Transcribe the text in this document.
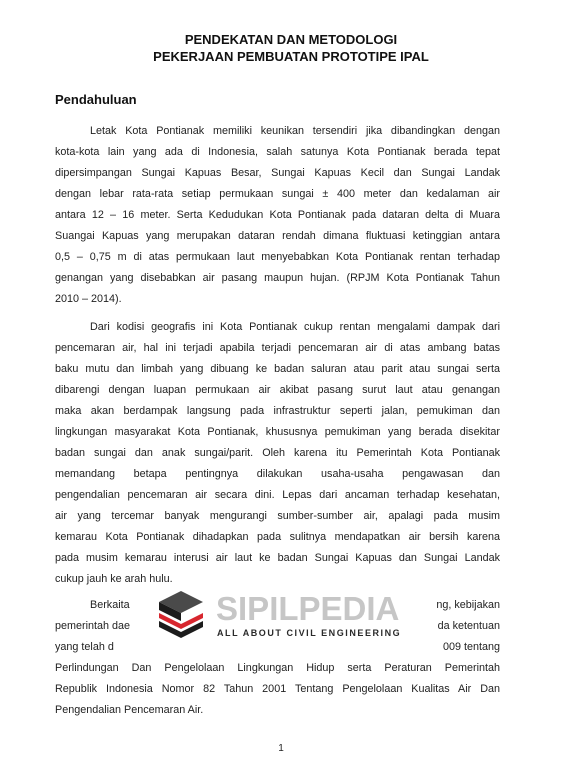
PENDEKATAN DAN METODOLOGI
PEKERJAAN PEMBUATAN PROTOTIPE IPAL
Pendahuluan
Letak Kota Pontianak memiliki keunikan tersendiri jika dibandingkan dengan
kota-kota lain yang ada di Indonesia, salah satunya Kota Pontianak berada tepat
dipersimpangan Sungai Kapuas Besar, Sungai Kapuas Kecil dan Sungai Landak
dengan lebar rata-rata setiap permukaan sungai ± 400 meter dan kedalaman air
antara 12 – 16 meter. Serta Kedudukan Kota Pontianak pada dataran delta di Muara
Suangai Kapuas yang merupakan dataran rendah dimana fluktuasi ketinggian antara
0,5 – 0,75 m di atas permukaan laut menyebabkan Kota Pontianak rentan terhadap
genangan yang disebabkan air pasang maupun hujan. (RPJM Kota Pontianak Tahun
2010 – 2014).
Dari kodisi geografis ini Kota Pontianak cukup rentan mengalami dampak dari
pencemaran air, hal ini terjadi apabila terjadi pencemaran air di atas ambang batas
baku mutu dan limbah yang dibuang ke badan saluran atau parit atau sungai serta
dibarengi dengan luapan permukaan air akibat pasang surut laut atau genangan
maka akan berdampak langsung pada infrastruktur seperti jalan, pemukiman dan
lingkungan masyarakat Kota Pontianak, khususnya pemukiman yang berada disekitar
badan sungai dan anak sungai/parit. Oleh karena itu Pemerintah Kota Pontianak
memandang betapa pentingnya dilakukan usaha-usaha pengawasan dan
pengendalian pencemaran air secara dini. Lepas dari ancaman terhadap kesehatan,
air yang tercemar banyak mengurangi sumber-sumber air, apalagi pada musim
kemarau Kota Pontianak dihadapkan pada sulitnya mendapatkan air bersih karena
pada musim kemarau interusi air laut ke badan Sungai Kapuas dan Sungai Landak
cukup jauh ke arah hulu.
Berkaita	ng, kebijakan
pemerintah dae	da ketentuan
yang telah d	009 tentang
Perlindungan Dan Pengelolaan Lingkungan Hidup serta Peraturan Pemerintah
Republik Indonesia Nomor 82 Tahun 2001 Tentang Pengelolaan Kualitas Air Dan
Pengendalian Pencemaran Air.
SIPILPEDIA
ALL ABOUT CIVIL ENGINEERING
1
